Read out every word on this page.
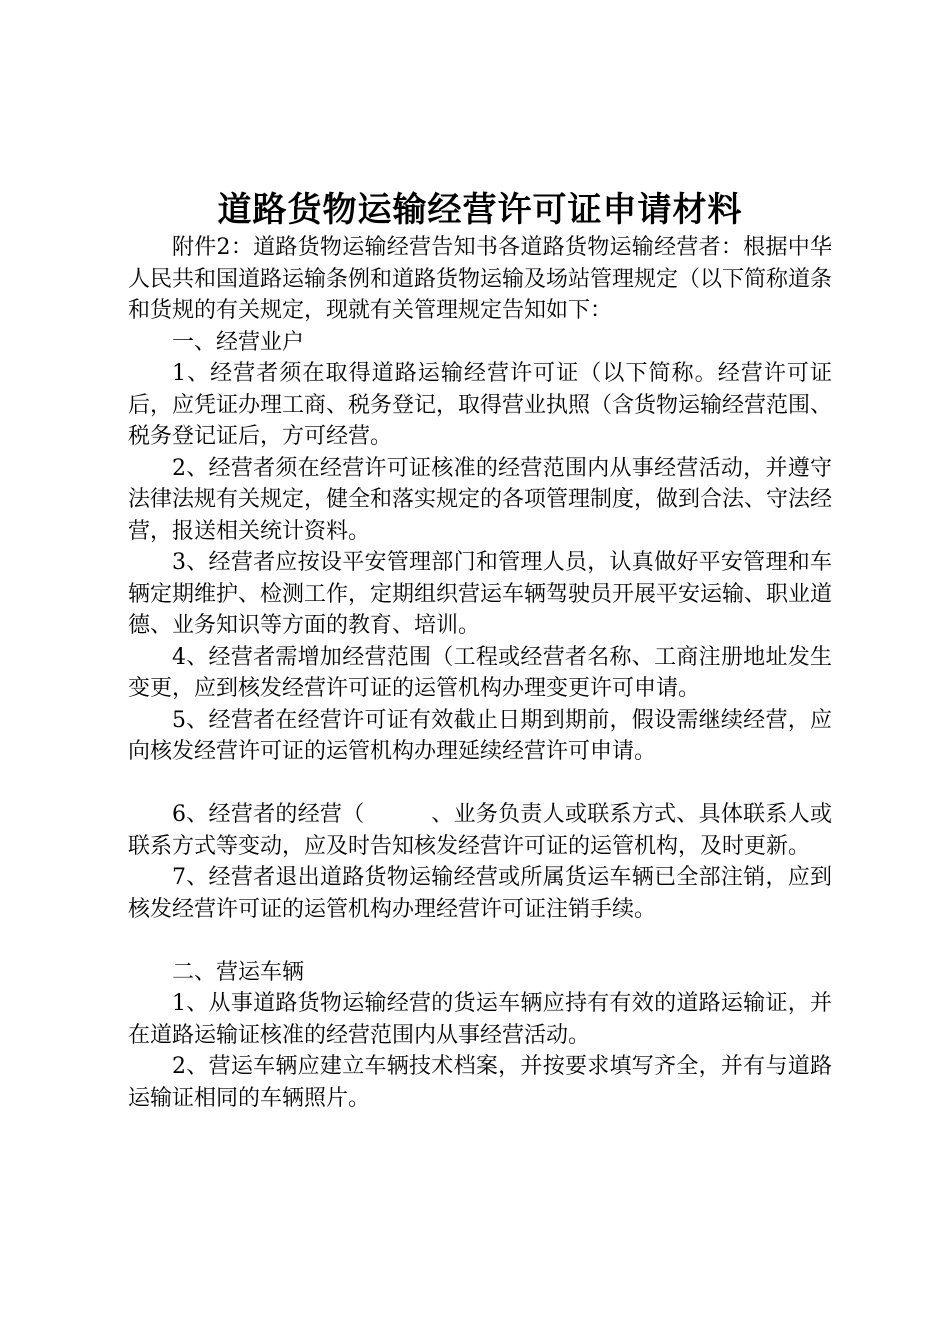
道路货物运输经营许可证申请材料

附件2：道路货物运输经营告知书各道路货物运输经营者：根据中华人民共和国道路运输条例和道路货物运输及场站管理规定（以下简称道条和货规的有关规定，现就有关管理规定告知如下：

一、经营业户

1、经营者须在取得道路运输经营许可证（以下简称。经营许可证后，应凭证办理工商、税务登记，取得营业执照（含货物运输经营范围、税务登记证后，方可经营。

2、经营者须在经营许可证核准的经营范围内从事经营活动，并遵守法律法规有关规定，健全和落实规定的各项管理制度，做到合法、守法经营，报送相关统计资料。

3、经营者应按设平安管理部门和管理人员，认真做好平安管理和车辆定期维护、检测工作，定期组织营运车辆驾驶员开展平安运输、职业道德、业务知识等方面的教育、培训。

4、经营者需增加经营范围（工程或经营者名称、工商注册地址发生变更，应到核发经营许可证的运管机构办理变更许可申请。

5、经营者在经营许可证有效截止日期到期前，假设需继续经营，应向核发经营许可证的运管机构办理延续经营许可申请。

6、经营者的经营（　　　、业务负责人或联系方式、具体联系人或联系方式等变动，应及时告知核发经营许可证的运管机构，及时更新。

7、经营者退出道路货物运输经营或所属货运车辆已全部注销，应到核发经营许可证的运管机构办理经营许可证注销手续。

二、营运车辆

1、从事道路货物运输经营的货运车辆应持有有效的道路运输证，并在道路运输证核准的经营范围内从事经营活动。

2、营运车辆应建立车辆技术档案，并按要求填写齐全，并有与道路运输证相同的车辆照片。
